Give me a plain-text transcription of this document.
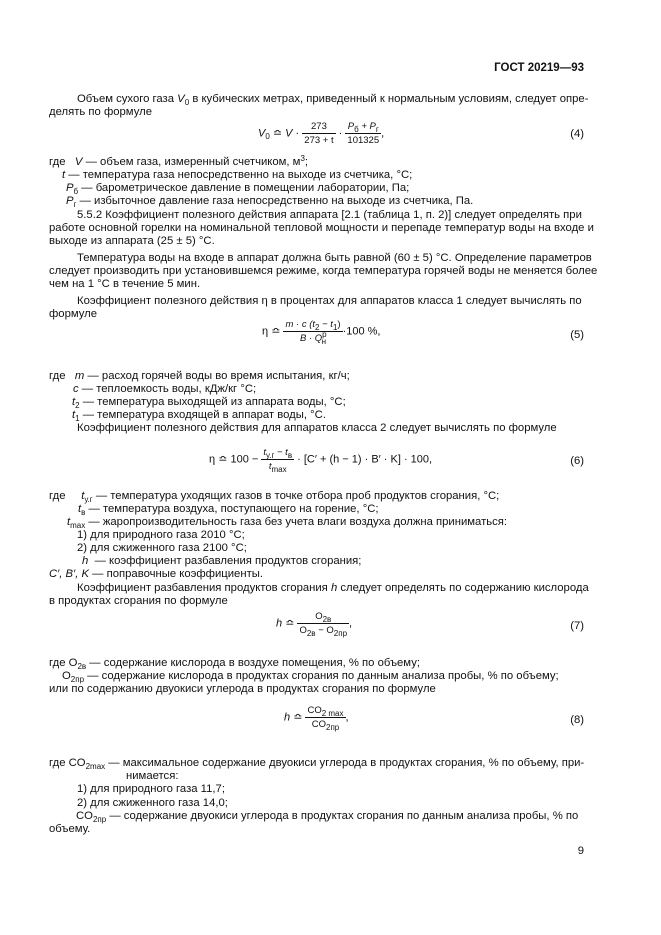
ГОСТ 20219—93
Объем сухого газа $V_0$ в кубических метрах, приведенный к нормальным условиям, следует опре-
делять по формуле
$V_0$ ≏ $V \cdot \frac{273}{273 + t} \cdot \frac{P_б + P_г}{101325}$ ,	(4)
где V — объем газа, измеренный счетчиком, $м^3$;
t — температура газа непосредственно на выходе из счетчика, °С;
$P_б$ — барометрическое давление в помещении лаборатории, Па;
$P_г$ — избыточное давление газа непосредственно на выходе из счетчика, Па.
5.5.2 Коэффициент полезного действия аппарата [2.1 (таблица 1, п. 2)] следует определять при
работе основной горелки на номинальной тепловой мощности и перепаде температур воды на входе и
выходе из аппарата (25 ± 5) °С.
Температура воды на входе в аппарат должна быть равной (60 ± 5) °С. Определение параметров
следует производить при установившемся режиме, когда температура горячей воды не меняется более
чем на 1 °С в течение 5 мин.
Коэффициент полезного действия η в процентах для аппаратов класса 1 следует вычислять по
формуле
η ≏ $\frac{m \cdot c (t_2 - t_1)}{B \cdot Q^р_н} \cdot 100$ %,	(5)
где m — расход горячей воды во время испытания, кг/ч;
c — теплоемкость воды, кДж/кг °С;
$t_2$ — температура выходящей из аппарата воды, °С;
$t_1$ — температура входящей в аппарат воды, °С.
Коэффициент полезного действия для аппаратов класса 2 следует вычислять по формуле
η ≏ $100 - \frac{t_{у.г} - t_в}{t_{max}} \cdot [C' + (h - 1) \cdot B' \cdot K] \cdot 100$,	(6)
где $t_{у.г}$ — температура уходящих газов в точке отбора проб продуктов сгорания, °С;
$t_в$ — температура воздуха, поступающего на горение, °С;
$t_{max}$ — жаропроизводительность газа без учета влаги воздуха должна приниматься:
1) для природного газа 2010 °С;
2) для сжиженного газа 2100 °С;
h — коэффициент разбавления продуктов сгорания;
C′, B′, K — поправочные коэффициенты.
Коэффициент разбавления продуктов сгорания h следует определять по содержанию кислорода
в продуктах сгорания по формуле
h ≏ $\frac{O_{2в}}{O_{2в} - O_{2пр}}$ ,	(7)
где $O_{2в}$ — содержание кислорода в воздухе помещения, % по объему;
$O_{2пр}$ — содержание кислорода в продуктах сгорания по данным анализа пробы, % по объему;
или по содержанию двуокиси углерода в продуктах сгорания по формуле
h ≏ $\frac{CO_{2 max}}{CO_{2пр}}$ ,	(8)
где $CO_{2max}$ — максимальное содержание двуокиси углерода в продуктах сгорания, % по объему, при-
нимается:
1) для природного газа 11,7;
2) для сжиженного газа 14,0;
$CO_{2пр}$ — содержание двуокиси углерода в продуктах сгорания по данным анализа пробы, % по
объему.
9
